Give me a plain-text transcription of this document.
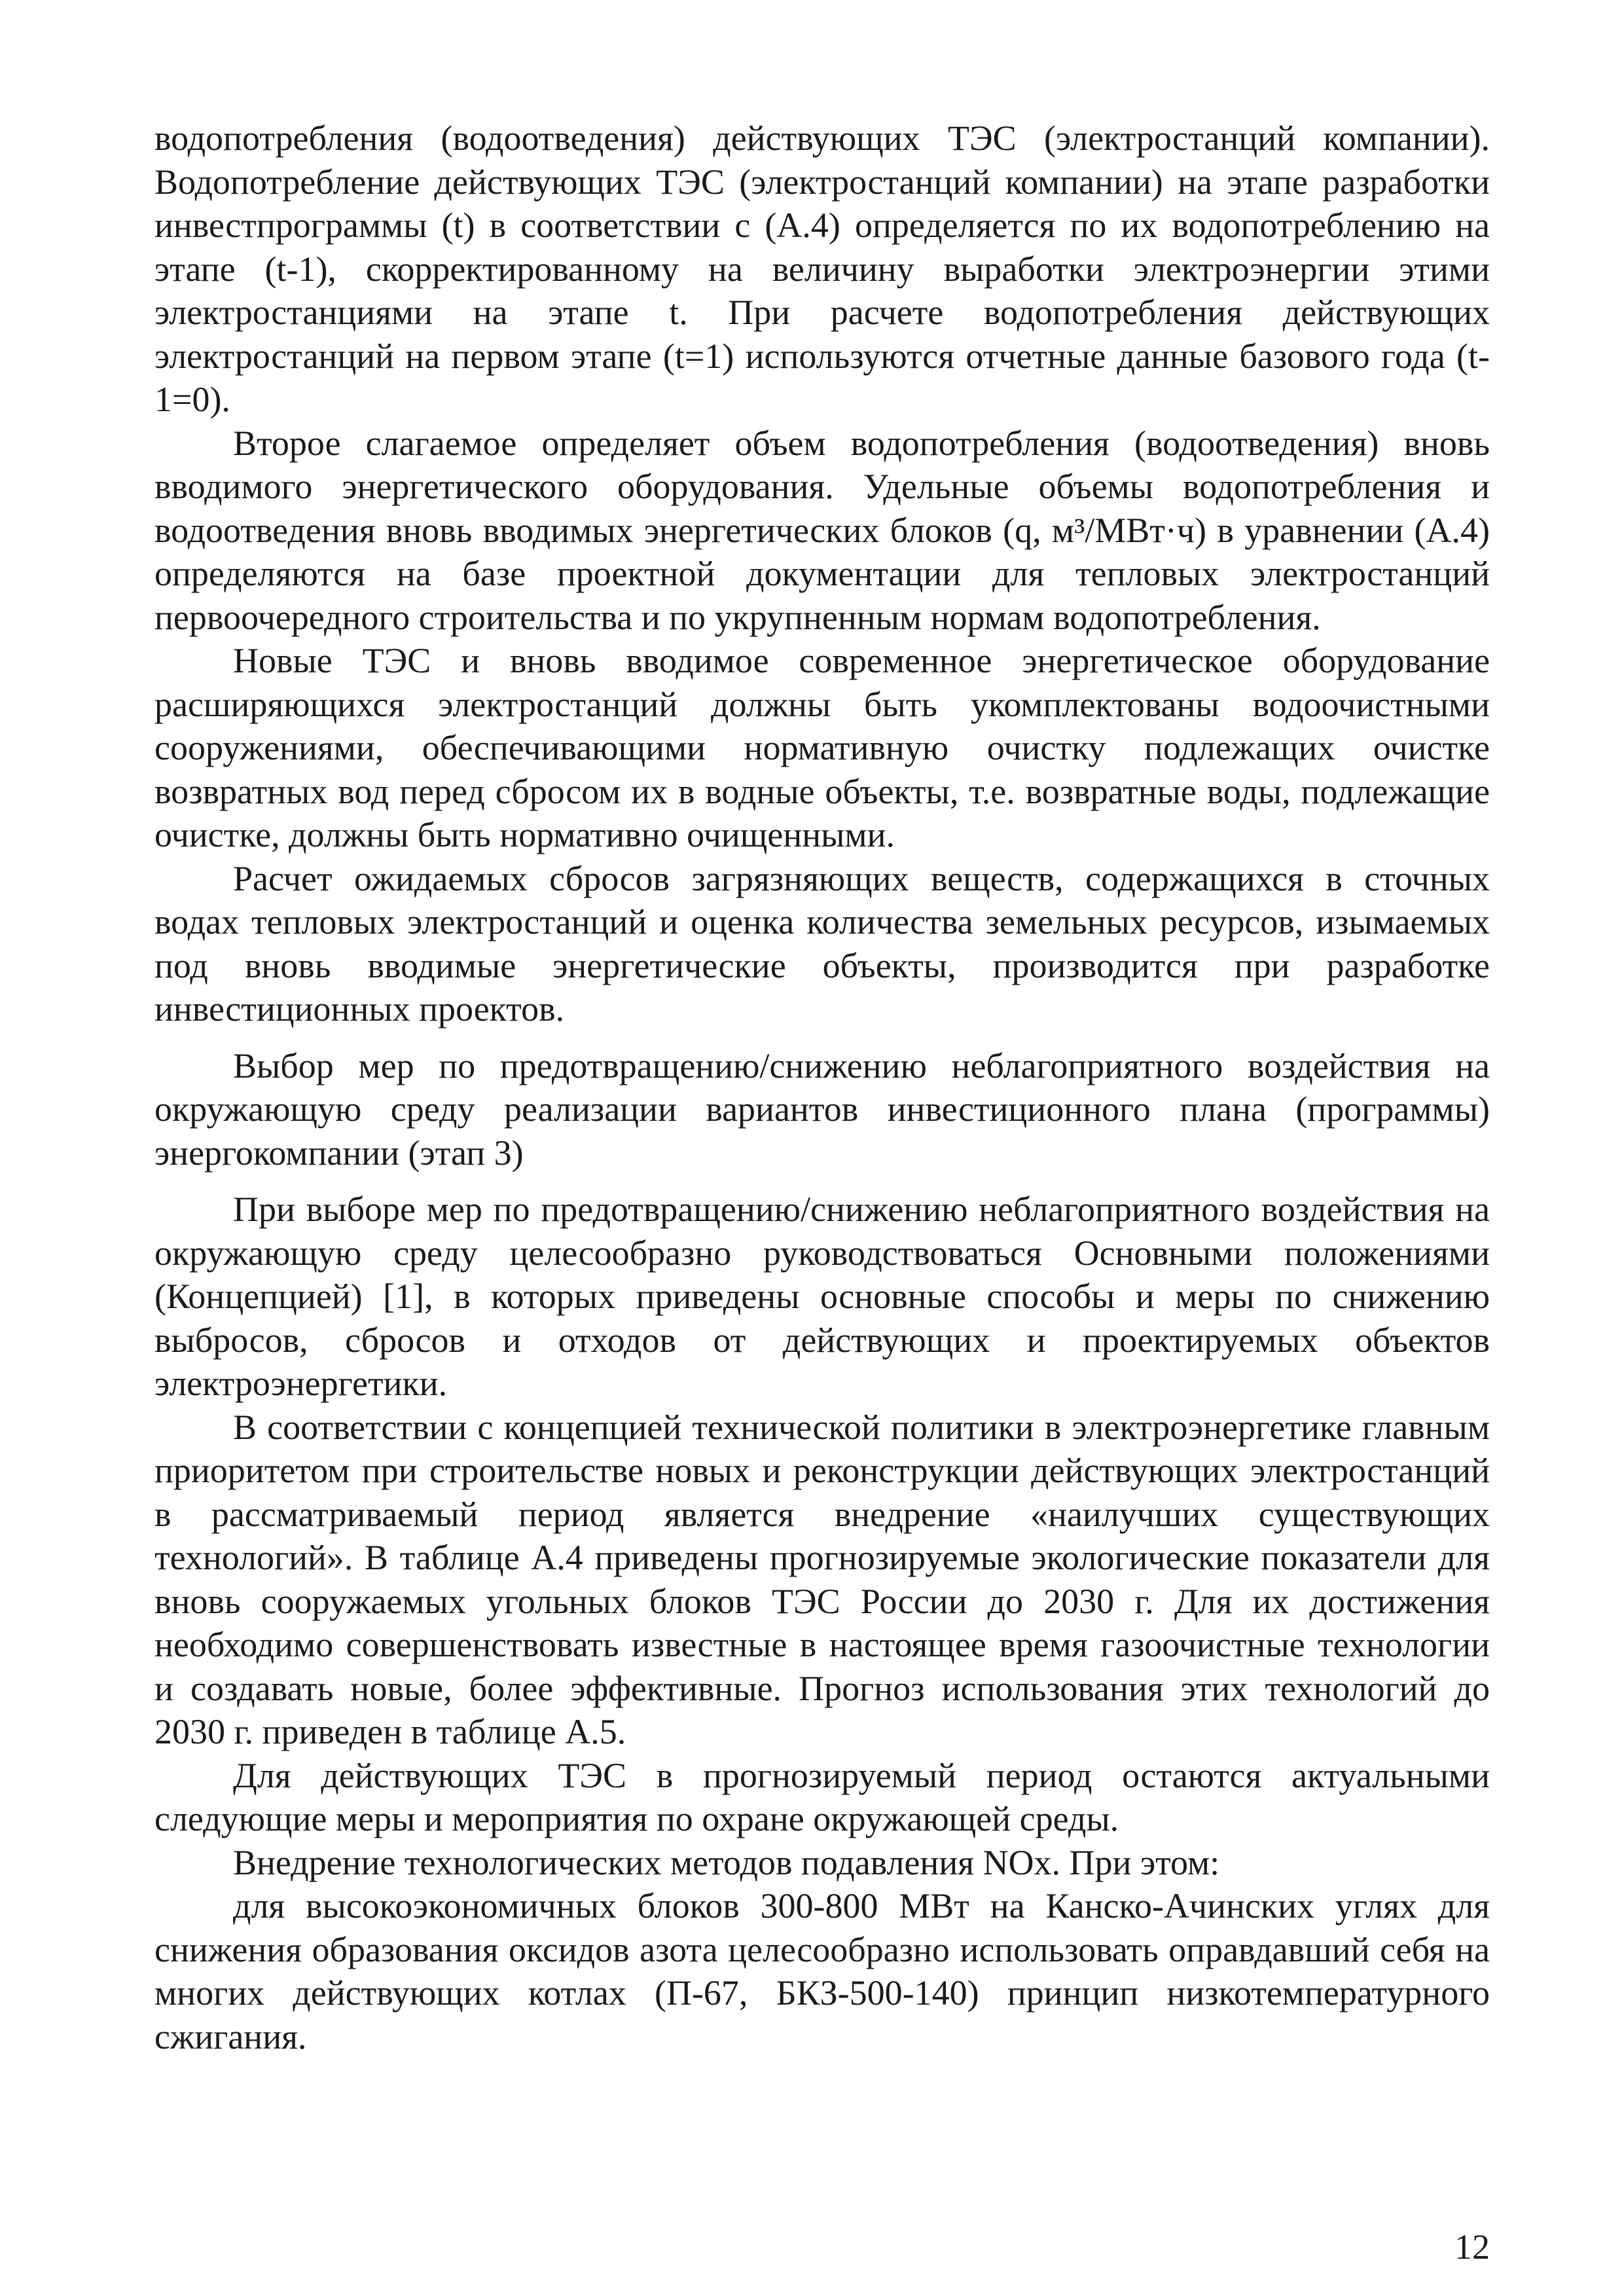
водопотребления (водоотведения) действующих ТЭС (электростанций компании). Водопотребление действующих ТЭС (электростанций компании) на этапе разработки инвестпрограммы (t) в соответствии с (А.4) определяется по их водопотреблению на этапе (t-1), скорректированному на величину выработки электроэнергии этими электростанциями на этапе t. При расчете водопотребления действующих электростанций на первом этапе (t=1) используются отчетные данные базового года (t-1=0).

Второе слагаемое определяет объем водопотребления (водоотведения) вновь вводимого энергетического оборудования. Удельные объемы водопотребления и водоотведения вновь вводимых энергетических блоков (q, м³/МВт·ч) в уравнении (А.4) определяются на базе проектной документации для тепловых электростанций первоочередного строительства и по укрупненным нормам водопотребления.

Новые ТЭС и вновь вводимое современное энергетическое оборудование расширяющихся электростанций должны быть укомплектованы водоочистными сооружениями, обеспечивающими нормативную очистку подлежащих очистке возвратных вод перед сбросом их в водные объекты, т.е. возвратные воды, подлежащие очистке, должны быть нормативно очищенными.

Расчет ожидаемых сбросов загрязняющих веществ, содержащихся в сточных водах тепловых электростанций и оценка количества земельных ресурсов, изымаемых под вновь вводимые энергетические объекты, производится при разработке инвестиционных проектов.

Выбор мер по предотвращению/снижению неблагоприятного воздействия на окружающую среду реализации вариантов инвестиционного плана (программы) энергокомпании (этап 3)

При выборе мер по предотвращению/снижению неблагоприятного воздействия на окружающую среду целесообразно руководствоваться Основными положениями (Концепцией) [1], в которых приведены основные способы и меры по снижению выбросов, сбросов и отходов от действующих и проектируемых объектов электроэнергетики.

В соответствии с концепцией технической политики в электроэнергетике главным приоритетом при строительстве новых и реконструкции действующих электростанций в рассматриваемый период является внедрение «наилучших существующих технологий». В таблице А.4 приведены прогнозируемые экологические показатели для вновь сооружаемых угольных блоков ТЭС России до 2030 г. Для их достижения необходимо совершенствовать известные в настоящее время газоочистные технологии и создавать новые, более эффективные. Прогноз использования этих технологий до 2030 г. приведен в таблице А.5.

Для действующих ТЭС в прогнозируемый период остаются актуальными следующие меры и мероприятия по охране окружающей среды.

Внедрение технологических методов подавления NOx. При этом:

для высокоэкономичных блоков 300-800 МВт на Канско-Ачинских углях для снижения образования оксидов азота целесообразно использовать оправдавший себя на многих действующих котлах (П-67, БКЗ-500-140) принцип низкотемпературного сжигания.

12
